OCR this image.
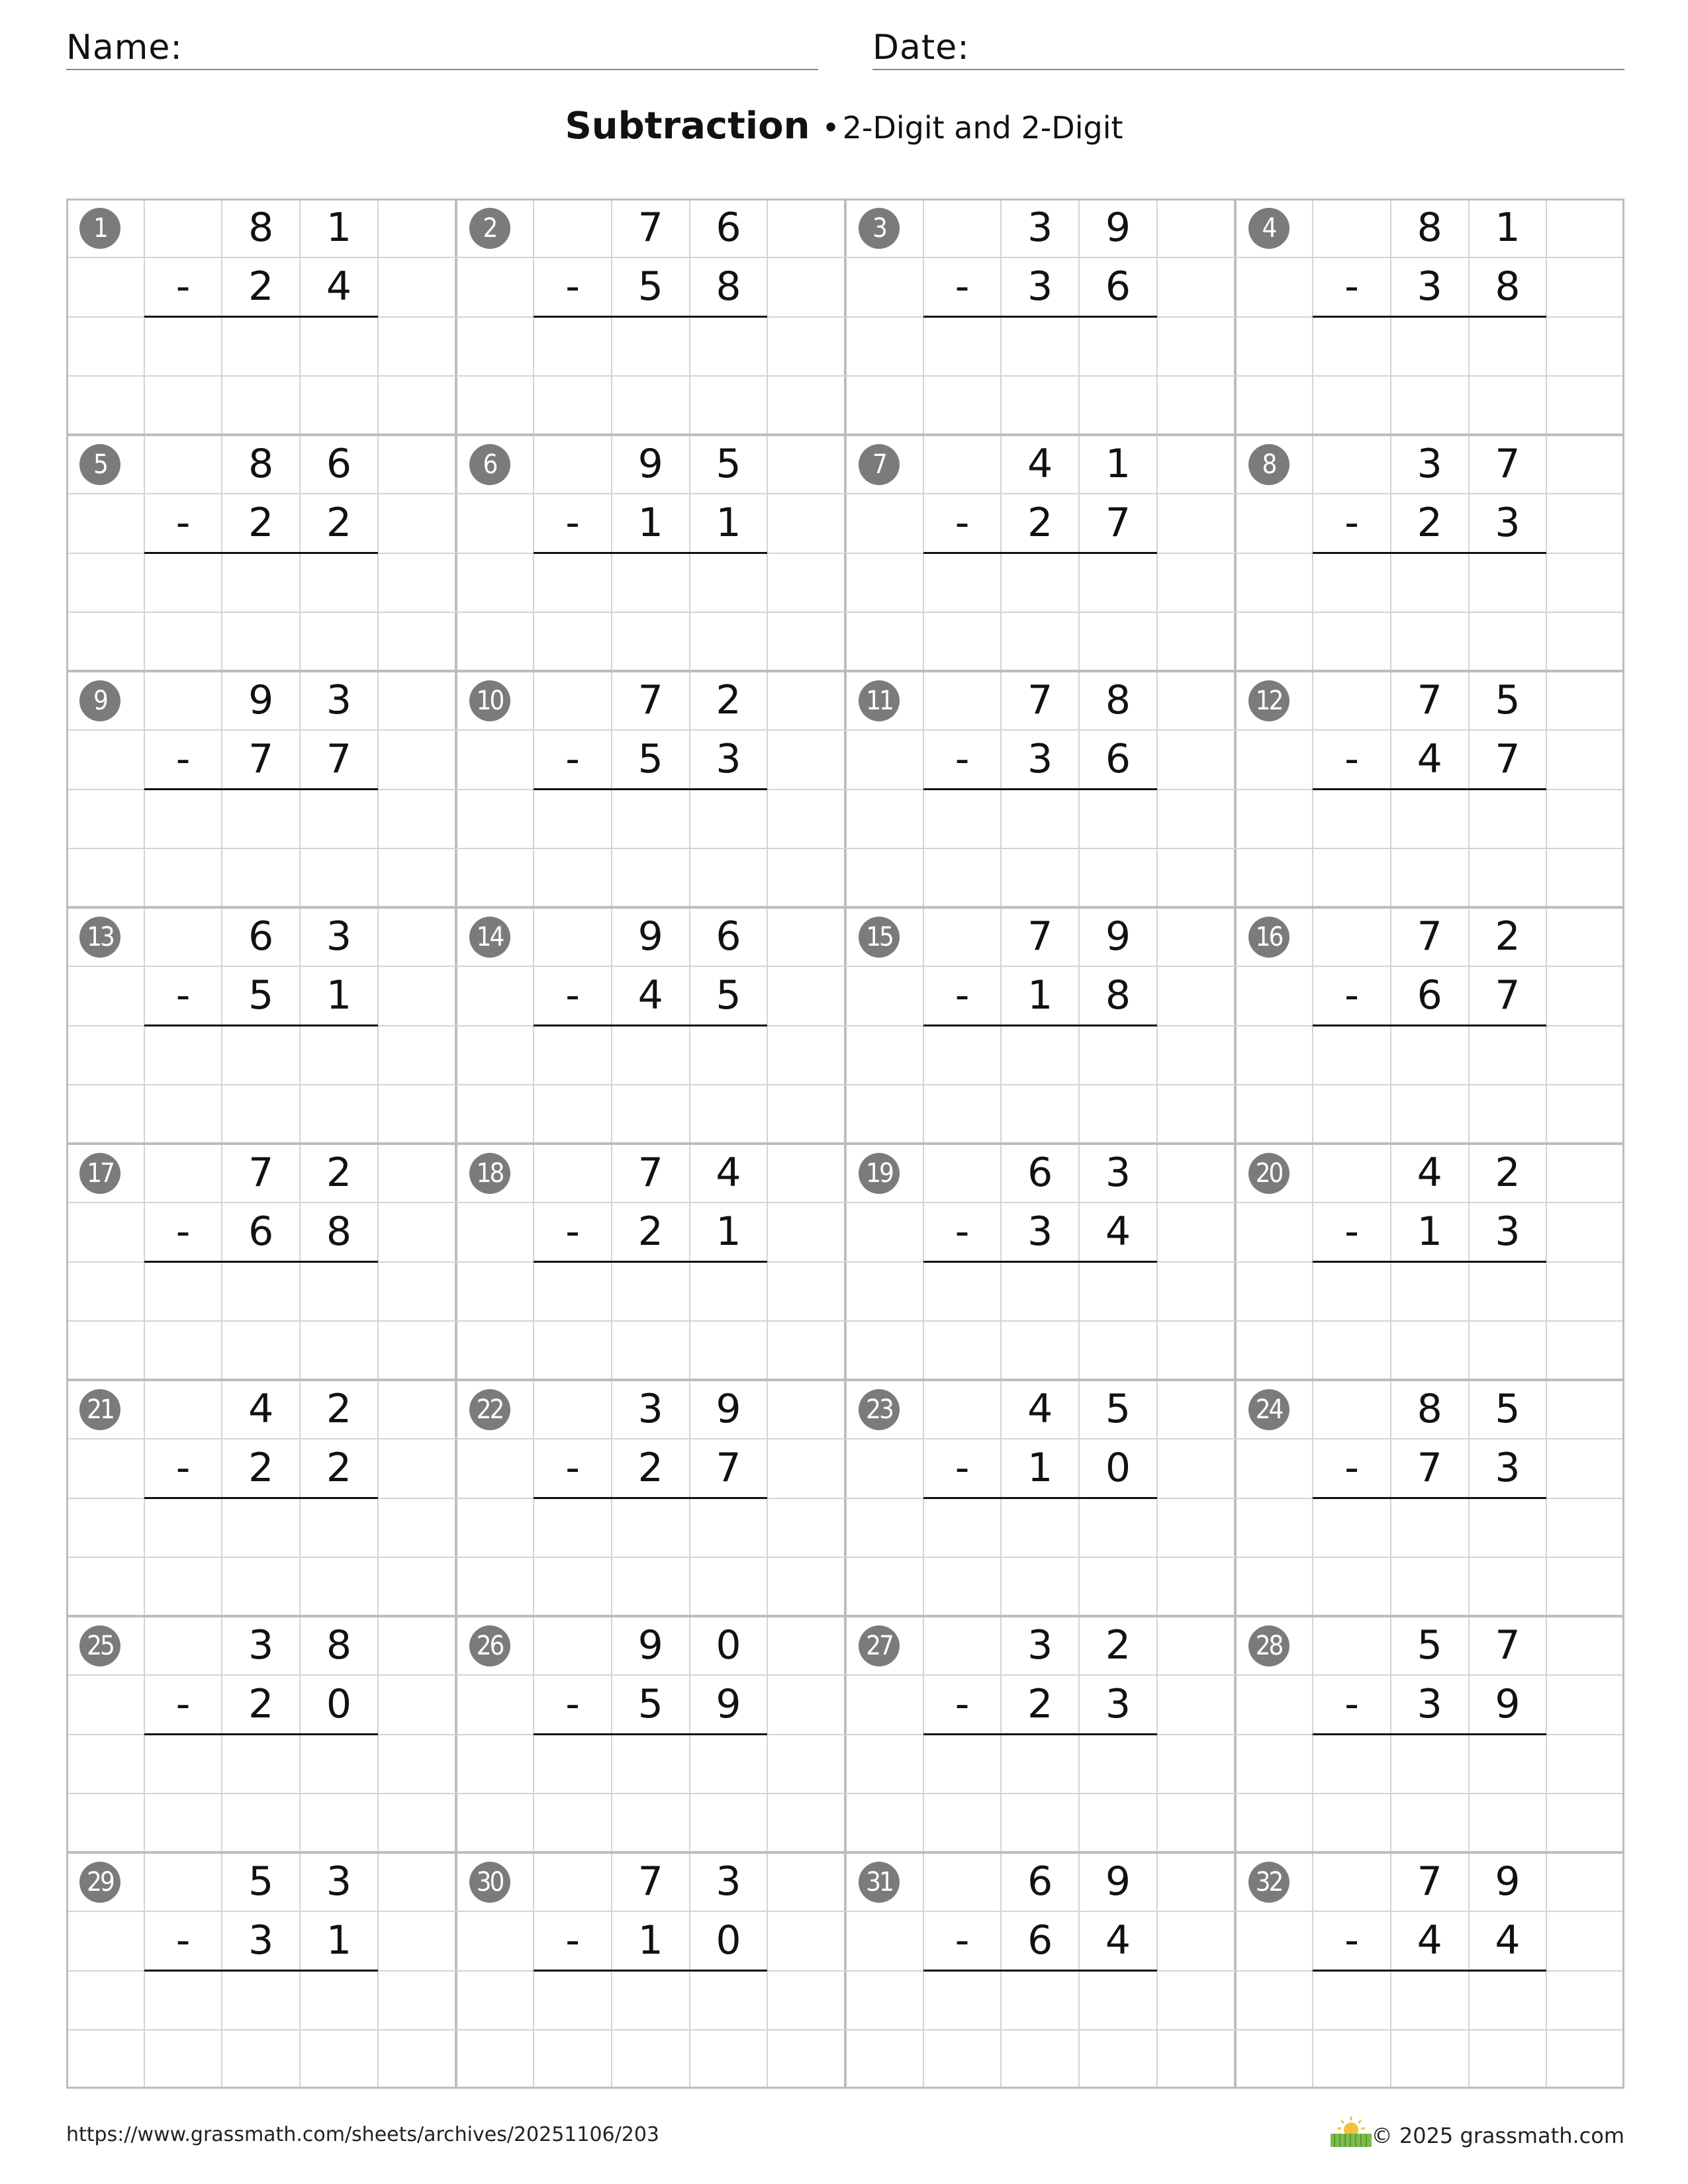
Name:	Date:
Subtraction •2-Digit and 2-Digit
1	8	1
-	2	4
2	7	6
-	5	8
3	3	9
-	3	6
4	8	1
-	3	8
5	8	6
-	2	2
6	9	5
-	1	1
7	4	1
-	2	7
8	3	7
-	2	3
9	9	3
-	7	7
10	7	2
-	5	3
11	7	8
-	3	6
12	7	5
-	4	7
13	6	3
-	5	1
14	9	6
-	4	5
15	7	9
-	1	8
16	7	2
-	6	7
17	7	2
-	6	8
18	7	4
-	2	1
19	6	3
-	3	4
20	4	2
-	1	3
21	4	2
-	2	2
22	3	9
-	2	7
23	4	5
-	1	0
24	8	5
-	7	3
25	3	8
-	2	0
26	9	0
-	5	9
27	3	2
-	2	3
28	5	7
-	3	9
29	5	3
-	3	1
30	7	3
-	1	0
31	6	9
-	6	4
32	7	9
-	4	4
https://www.grassmath.com/sheets/archives/20251106/203	© 2025 grassmath.com
